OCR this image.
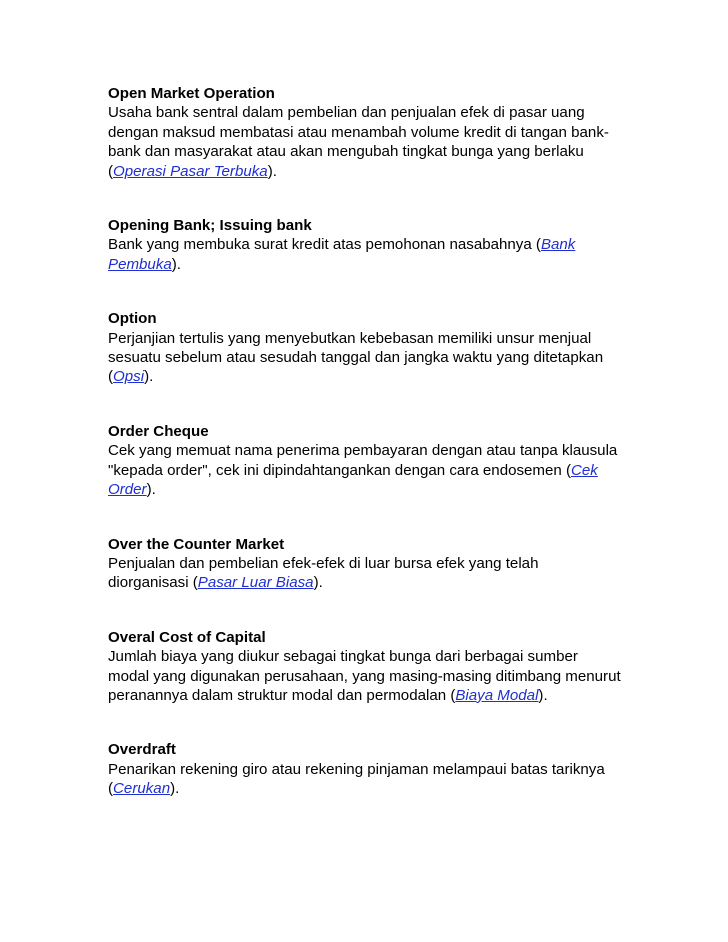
Open Market Operation

Usaha bank sentral dalam pembelian dan penjualan efek di pasar uang dengan maksud membatasi atau menambah volume kredit di tangan bank-bank dan masyarakat atau akan mengubah tingkat bunga yang berlaku (Operasi Pasar Terbuka).

Opening Bank; Issuing bank

Bank yang membuka surat kredit atas pemohonan nasabahnya (Bank Pembuka).

Option

Perjanjian tertulis yang menyebutkan kebebasan memiliki unsur menjual sesuatu sebelum atau sesudah tanggal dan jangka waktu yang ditetapkan (Opsi).

Order Cheque

Cek yang memuat nama penerima pembayaran dengan atau tanpa klausula "kepada order", cek ini dipindahtangankan dengan cara endosemen (Cek Order).

Over the Counter Market

Penjualan dan pembelian efek-efek di luar bursa efek yang telah diorganisasi (Pasar Luar Biasa).

Overal Cost of Capital

Jumlah biaya yang diukur sebagai tingkat bunga dari berbagai sumber modal yang digunakan perusahaan, yang masing-masing ditimbang menurut peranannya dalam struktur modal dan permodalan (Biaya Modal).

Overdraft

Penarikan rekening giro atau rekening pinjaman melampaui batas tariknya (Cerukan).
